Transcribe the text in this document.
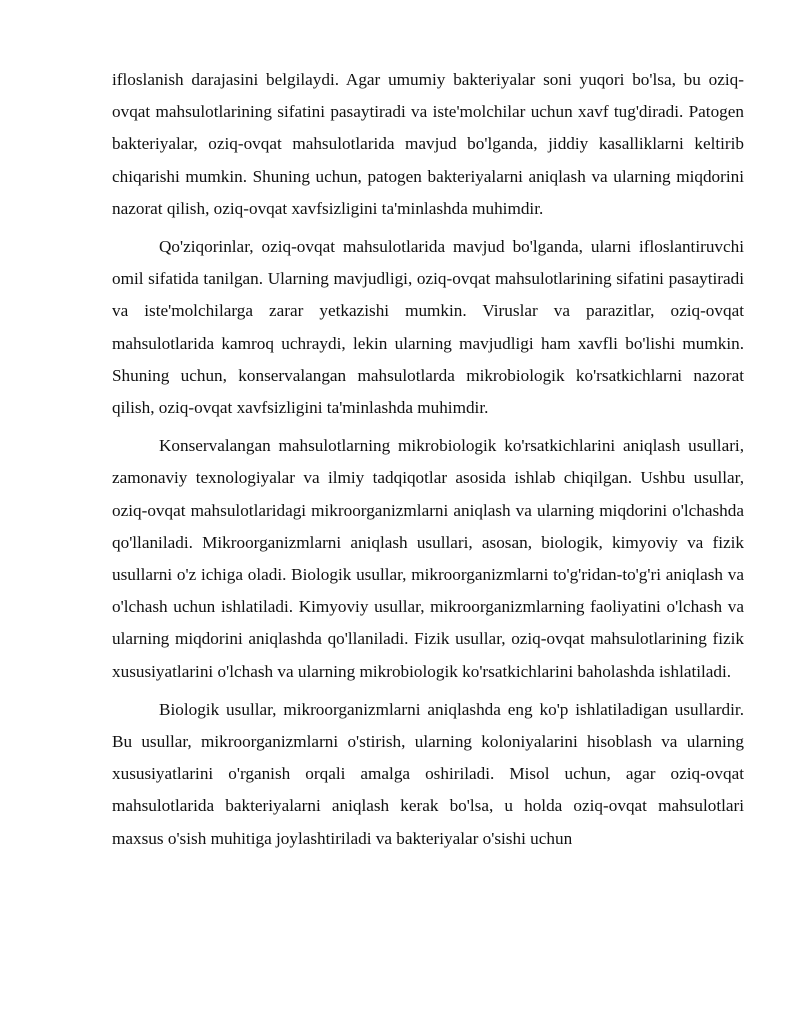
ifloslanish darajasini belgilaydi. Agar umumiy bakteriyalar soni yuqori bo'lsa, bu oziq-ovqat mahsulotlarining sifatini pasaytiradi va iste'molchilar uchun xavf tug'diradi. Patogen bakteriyalar, oziq-ovqat mahsulotlarida mavjud bo'lganda, jiddiy kasalliklarni keltirib chiqarishi mumkin. Shuning uchun, patogen bakteriyalarni aniqlash va ularning miqdorini nazorat qilish, oziq-ovqat xavfsizligini ta'minlashda muhimdir.

Qo'ziqorinlar, oziq-ovqat mahsulotlarida mavjud bo'lganda, ularni ifloslantiruvchi omil sifatida tanilgan. Ularning mavjudligi, oziq-ovqat mahsulotlarining sifatini pasaytiradi va iste'molchilarga zarar yetkazishi mumkin. Viruslar va parazitlar, oziq-ovqat mahsulotlarida kamroq uchraydi, lekin ularning mavjudligi ham xavfli bo'lishi mumkin. Shuning uchun, konservalangan mahsulotlarda mikrobiologik ko'rsatkichlarni nazorat qilish, oziq-ovqat xavfsizligini ta'minlashda muhimdir.

Konservalangan mahsulotlarning mikrobiologik ko'rsatkichlarini aniqlash usullari, zamonaviy texnologiyalar va ilmiy tadqiqotlar asosida ishlab chiqilgan. Ushbu usullar, oziq-ovqat mahsulotlaridagi mikroorganizmlarni aniqlash va ularning miqdorini o'lchashda qo'llaniladi. Mikroorganizmlarni aniqlash usullari, asosan, biologik, kimyoviy va fizik usullarni o'z ichiga oladi. Biologik usullar, mikroorganizmlarni to'g'ridan-to'g'ri aniqlash va o'lchash uchun ishlatiladi. Kimyoviy usullar, mikroorganizmlarning faoliyatini o'lchash va ularning miqdorini aniqlashda qo'llaniladi. Fizik usullar, oziq-ovqat mahsulotlarining fizik xususiyatlarini o'lchash va ularning mikrobiologik ko'rsatkichlarini baholashda ishlatiladi.

Biologik usullar, mikroorganizmlarni aniqlashda eng ko'p ishlatiladigan usullardir. Bu usullar, mikroorganizmlarni o'stirish, ularning koloniyalarini hisoblash va ularning xususiyatlarini o'rganish orqali amalga oshiriladi. Misol uchun, agar oziq-ovqat mahsulotlarida bakteriyalarni aniqlash kerak bo'lsa, u holda oziq-ovqat mahsulotlari maxsus o'sish muhitiga joylashtiriladi va bakteriyalar o'sishi uchun
